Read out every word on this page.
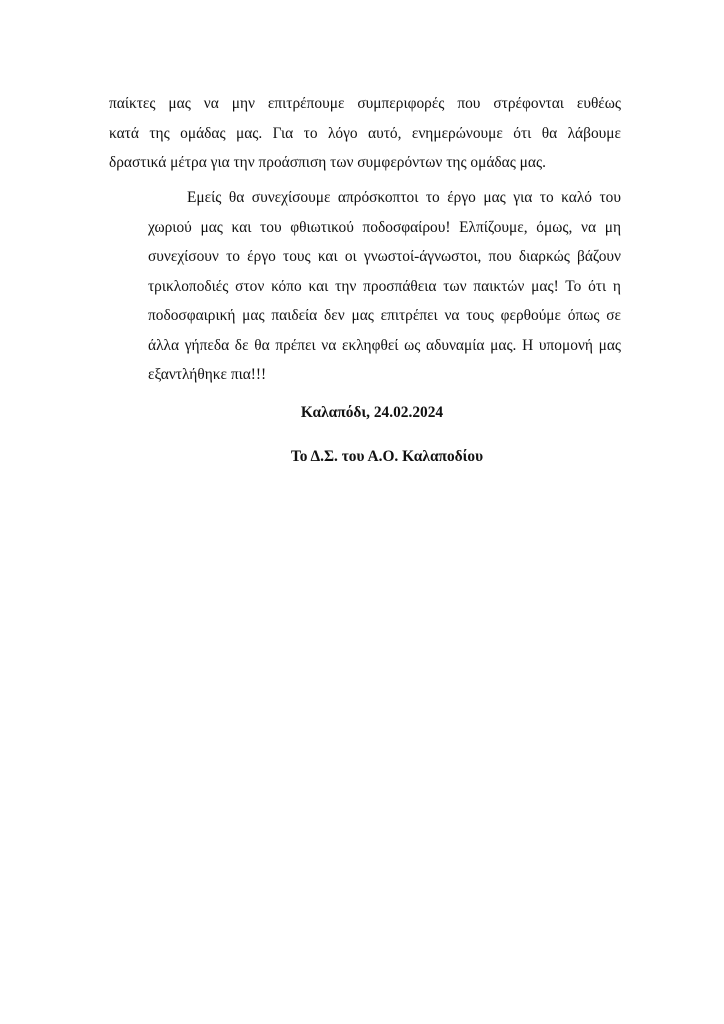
παίκτες μας να μην επιτρέπουμε συμπεριφορές που στρέφονται ευθέως
κατά της ομάδας μας. Για το λόγο αυτό, ενημερώνουμε ότι θα λάβουμε
δραστικά μέτρα για την προάσπιση των συμφερόντων της ομάδας μας.
Εμείς θα συνεχίσουμε απρόσκοπτοι το έργο μας για το καλό του
χωριού μας και του φθιωτικού ποδοσφαίρου! Ελπίζουμε, όμως, να μη
συνεχίσουν το έργο τους και οι γνωστοί-άγνωστοι, που διαρκώς βάζουν
τρικλοποδιές στον κόπο και την προσπάθεια των παικτών μας! Το ότι η
ποδοσφαιρική μας παιδεία δεν μας επιτρέπει να τους φερθούμε όπως σε
άλλα γήπεδα δε θα πρέπει να εκληφθεί ως αδυναμία μας. Η υπομονή μας
εξαντλήθηκε πια!!!
Καλαπόδι, 24.02.2024
Το Δ.Σ. του Α.Ο. Καλαποδίου
